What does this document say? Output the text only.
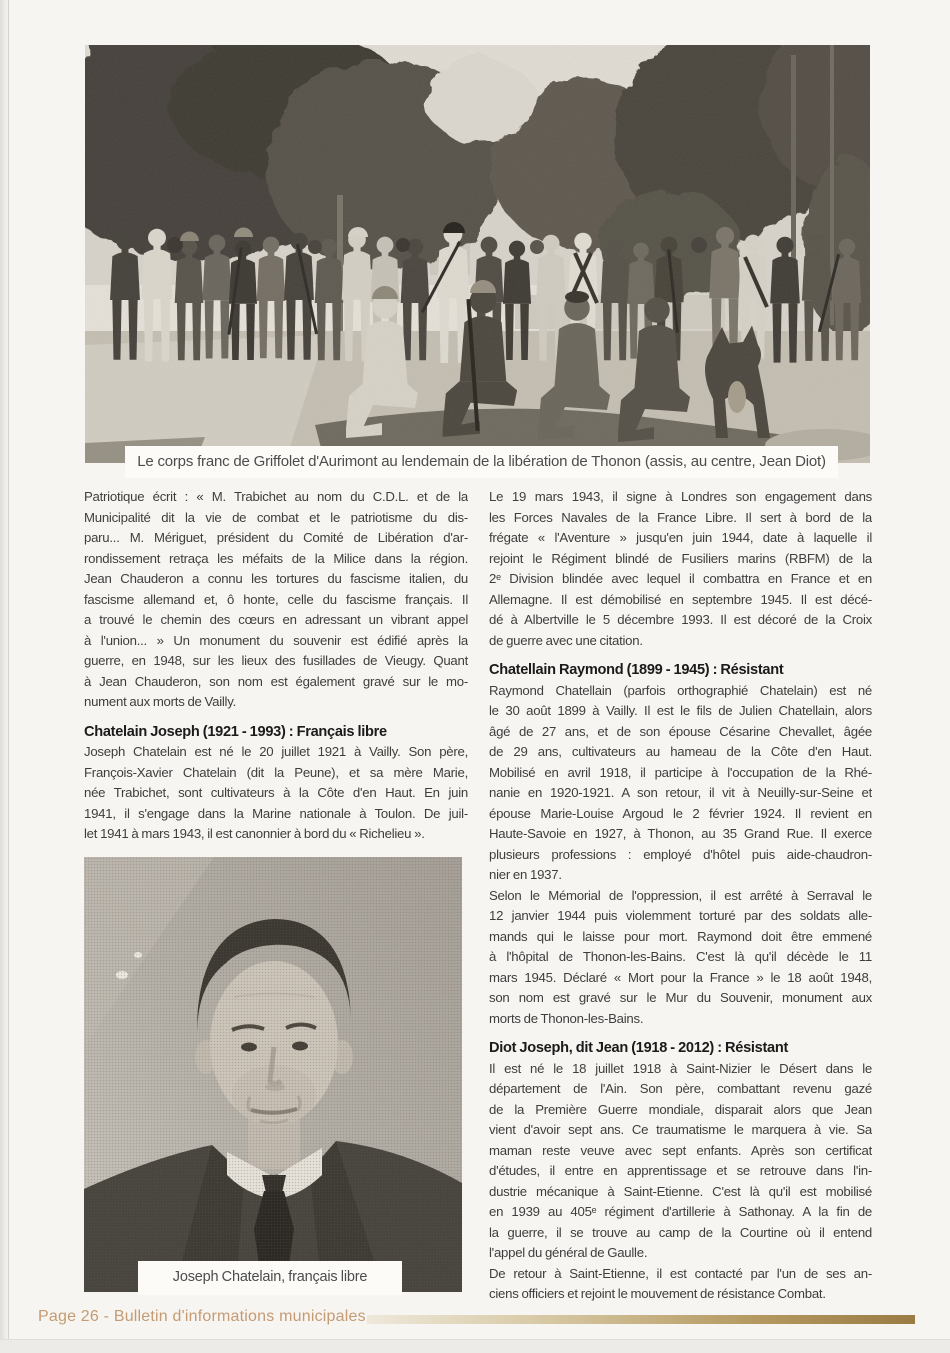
Le corps franc de Griffolet d'Aurimont au lendemain de la libération de Thonon (assis, au centre, Jean Diot)
Patriotique écrit : « M. Trabichet au nom du C.D.L. et de la
Municipalité dit la vie de combat et le patriotisme du dis-
paru... M. Mériguet, président du Comité de Libération d'ar-
rondissement retraça les méfaits de la Milice dans la région.
Jean Chauderon a connu les tortures du fascisme italien, du
fascisme allemand et, ô honte, celle du fascisme français. Il
a trouvé le chemin des cœurs en adressant un vibrant appel
à l'union... » Un monument du souvenir est édifié après la
guerre, en 1948, sur les lieux des fusillades de Vieugy. Quant
à Jean Chauderon, son nom est également gravé sur le mo-
nument aux morts de Vailly.
Chatelain Joseph (1921 - 1993) : Français libre
Joseph Chatelain est né le 20 juillet 1921 à Vailly. Son père,
François-Xavier Chatelain (dit la Peune), et sa mère Marie,
née Trabichet, sont cultivateurs à la Côte d'en Haut. En juin
1941, il s'engage dans la Marine nationale à Toulon. De juil-
let 1941 à mars 1943, il est canonnier à bord du « Richelieu ».
Joseph Chatelain, français libre
Le 19 mars 1943, il signe à Londres son engagement dans
les Forces Navales de la France Libre. Il sert à bord de la
frégate « l'Aventure » jusqu'en juin 1944, date à laquelle il
rejoint le Régiment blindé de Fusiliers marins (RBFM) de la
2ᵉ Division blindée avec lequel il combattra en France et en
Allemagne. Il est démobilisé en septembre 1945. Il est décé-
dé à Albertville le 5 décembre 1993. Il est décoré de la Croix
de guerre avec une citation.
Chatellain Raymond (1899 - 1945) : Résistant
Raymond Chatellain (parfois orthographié Chatelain) est né
le 30 août 1899 à Vailly. Il est le fils de Julien Chatellain, alors
âgé de 27 ans, et de son épouse Césarine Chevallet, âgée
de 29 ans, cultivateurs au hameau de la Côte d'en Haut.
Mobilisé en avril 1918, il participe à l'occupation de la Rhé-
nanie en 1920-1921. A son retour, il vit à Neuilly-sur-Seine et
épouse Marie-Louise Argoud le 2 février 1924. Il revient en
Haute-Savoie en 1927, à Thonon, au 35 Grand Rue. Il exerce
plusieurs professions : employé d'hôtel puis aide-chaudron-
nier en 1937.
Selon le Mémorial de l'oppression, il est arrêté à Serraval le
12 janvier 1944 puis violemment torturé par des soldats alle-
mands qui le laisse pour mort. Raymond doit être emmené
à l'hôpital de Thonon-les-Bains. C'est là qu'il décède le 11
mars 1945. Déclaré « Mort pour la France » le 18 août 1948,
son nom est gravé sur le Mur du Souvenir, monument aux
morts de Thonon-les-Bains.
Diot Joseph, dit Jean (1918 - 2012) : Résistant
Il est né le 18 juillet 1918 à Saint-Nizier le Désert dans le
département de l'Ain. Son père, combattant revenu gazé
de la Première Guerre mondiale, disparait alors que Jean
vient d'avoir sept ans. Ce traumatisme le marquera à vie. Sa
maman reste veuve avec sept enfants. Après son certificat
d'études, il entre en apprentissage et se retrouve dans l'in-
dustrie mécanique à Saint-Etienne. C'est là qu'il est mobilisé
en 1939 au 405ᵉ régiment d'artillerie à Sathonay. A la fin de
la guerre, il se trouve au camp de la Courtine où il entend
l'appel du général de Gaulle.
De retour à Saint-Etienne, il est contacté par l'un de ses an-
ciens officiers et rejoint le mouvement de résistance Combat.
Page 26 - Bulletin d'informations municipales
